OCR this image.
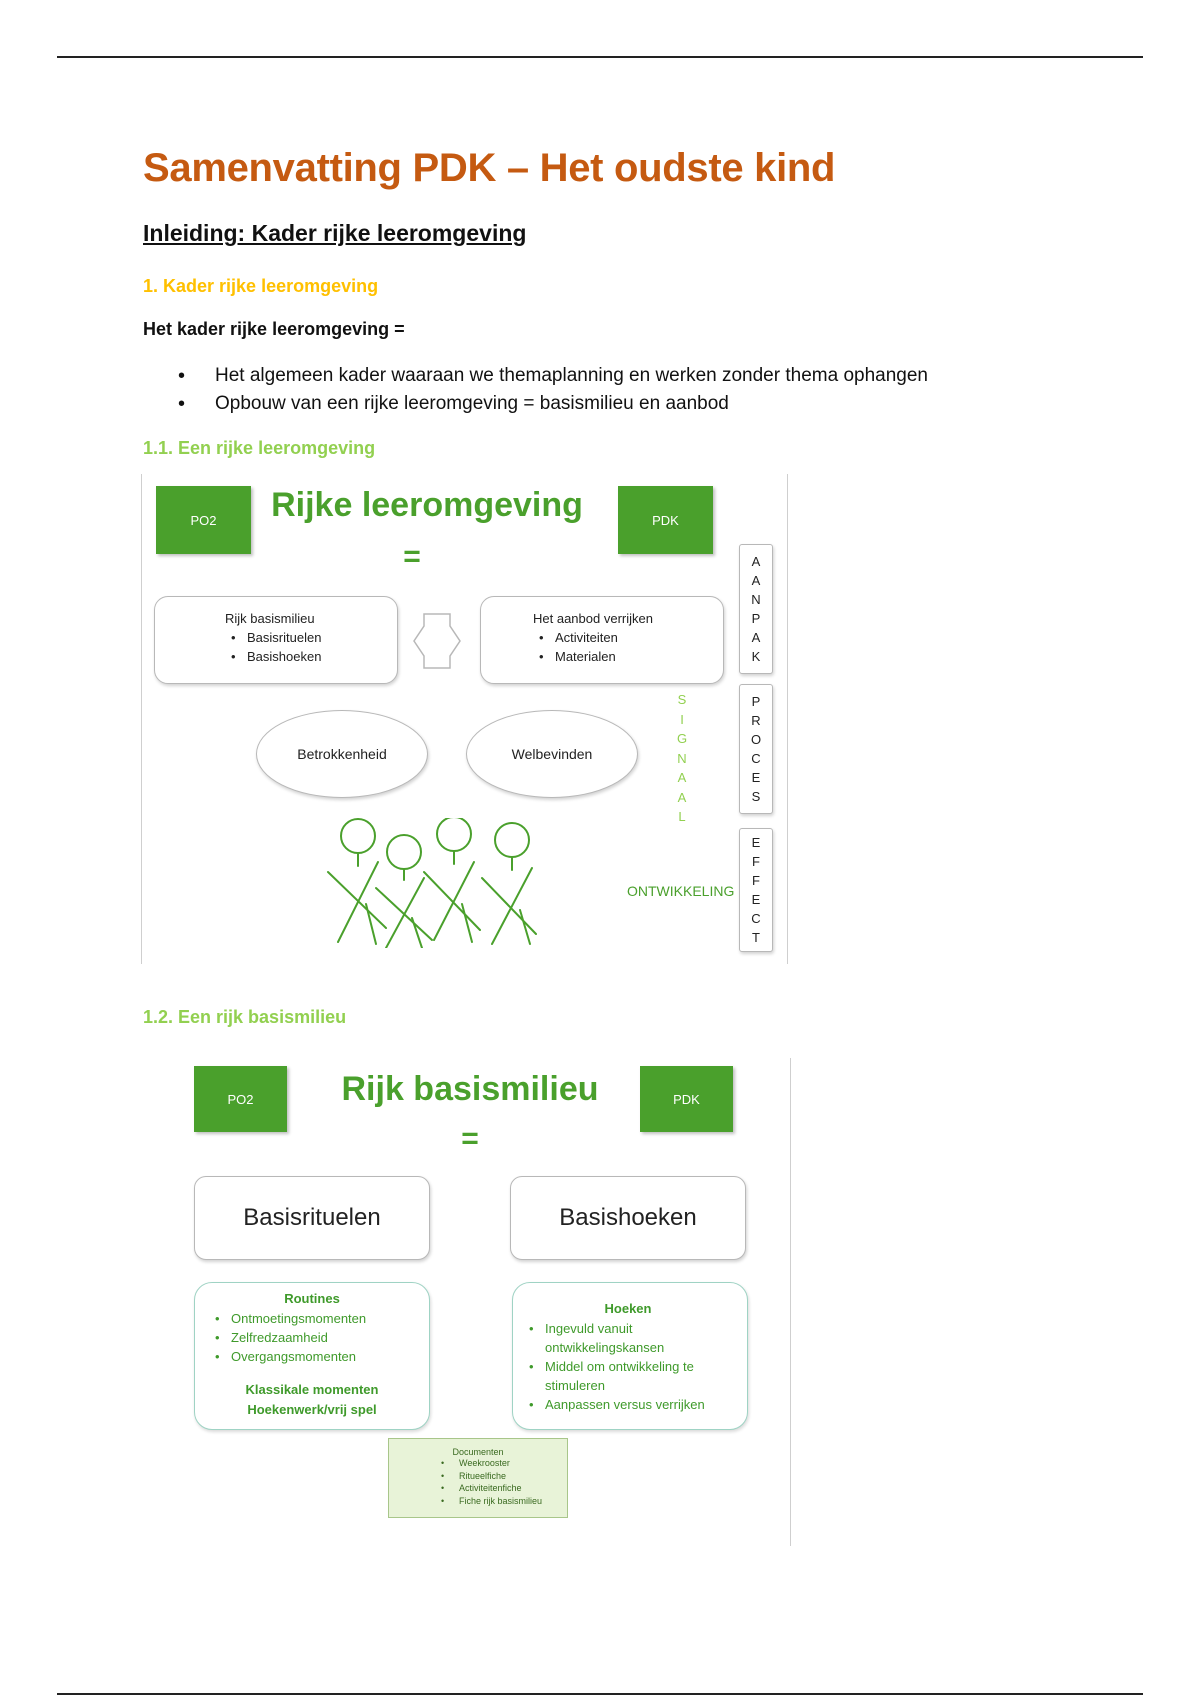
Samenvatting PDK – Het oudste kind
Inleiding: Kader rijke leeromgeving
1. Kader rijke leeromgeving

Het kader rijke leeromgeving =

• Het algemeen kader waaraan we themaplanning en werken zonder thema ophangen
• Opbouw van een rijke leeromgeving = basismilieu en aanbod
1.1. Een rijke leeromgeving
PO2	Rijke leeromgeving
=
PDK
Rijk basismilieu
• Basisrituelen
• Basishoeken
Het aanbod verrijken
• Activiteiten
• Materialen
Betrokkenheid	Welbevinden
S
I
G
N
A
A
L
A
A
N
P
A
K
P
R
O
C
E
S
E
F
F
E
C
T
ONTWIKKELING
1.2. Een rijk basismilieu
PO2	Rijk basismilieu
=
PDK
Basisrituelen	Basishoeken
Routines
• Ontmoetingsmomenten
• Zelfredzaamheid
• Overgangsmomenten
Klassikale momenten
Hoekenwerk/vrij spel
Hoeken
• Ingevuld vanuit ontwikkelingskansen
• Middel om ontwikkeling te stimuleren
• Aanpassen versus verrijken
Documenten
• Weekrooster
• Ritueelfiche
• Activiteitenfiche
• Fiche rijk basismilieu
